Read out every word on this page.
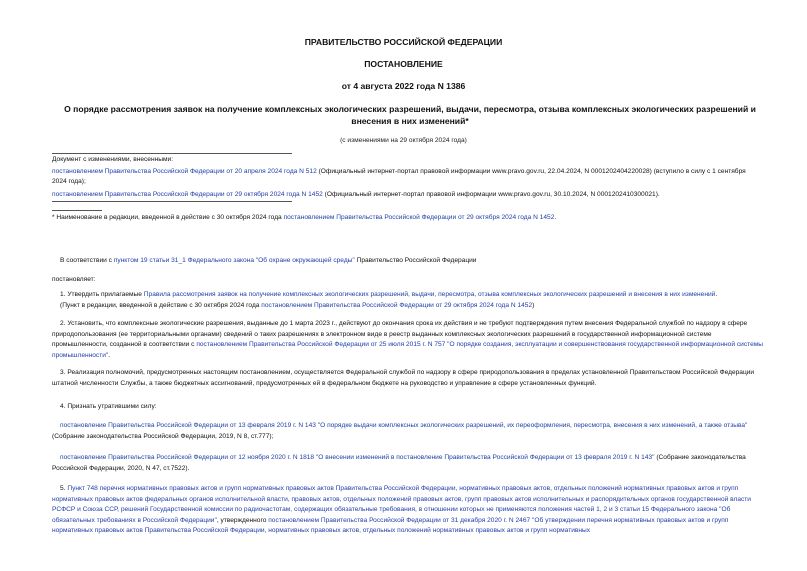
ПРАВИТЕЛЬСТВО РОССИЙСКОЙ ФЕДЕРАЦИИ
ПОСТАНОВЛЕНИЕ
от 4 августа 2022 года N 1386
О порядке рассмотрения заявок на получение комплексных экологических разрешений, выдачи, пересмотра, отзыва комплексных экологических разрешений и внесения в них изменений*
(с изменениями на 29 октября 2024 года)
Документ с изменениями, внесенными:
постановлением Правительства Российской Федерации от 20 апреля 2024 года N 512 (Официальный интернет-портал правовой информации www.pravo.gov.ru, 22.04.2024, N 0001202404220028) (вступило в силу с 1 сентября 2024 года);
постановлением Правительства Российской Федерации от 29 октября 2024 года N 1452 (Официальный интернет-портал правовой информации www.pravo.gov.ru, 30.10.2024, N 0001202410300021).
* Наименование в редакции, введенной в действие с 30 октября 2024 года постановлением Правительства Российской Федерации от 29 октября 2024 года N 1452.
В соответствии с пунктом 19 статьи 31_1 Федерального закона "Об охране окружающей среды" Правительство Российской Федерации
постановляет:
1. Утвердить прилагаемые Правила рассмотрения заявок на получение комплексных экологических разрешений, выдачи, пересмотра, отзыва комплексных экологических разрешений и внесения в них изменений.
(Пункт в редакции, введенной в действие с 30 октября 2024 года постановлением Правительства Российской Федерации от 29 октября 2024 года N 1452)
2. Установить, что комплексные экологические разрешения, выданные до 1 марта 2023 г., действуют до окончания срока их действия и не требуют подтверждения путем внесения Федеральной службой по надзору в сфере природопользования (ее территориальными органами) сведений о таких разрешениях в электронном виде в реестр выданных комплексных экологических разрешений в государственной информационной системе промышленности, созданной в соответствии с постановлением Правительства Российской Федерации от 25 июля 2015 г. N 757 "О порядке создания, эксплуатации и совершенствования государственной информационной системы промышленности".
3. Реализация полномочий, предусмотренных настоящим постановлением, осуществляется Федеральной службой по надзору в сфере природопользования в пределах установленной Правительством Российской Федерации штатной численности Службы, а также бюджетных ассигнований, предусмотренных ей в федеральном бюджете на руководство и управление в сфере установленных функций.
4. Признать утратившими силу:
постановление Правительства Российской Федерации от 13 февраля 2019 г. N 143 "О порядке выдачи комплексных экологических разрешений, их переоформления, пересмотра, внесения в них изменений, а также отзыва" (Собрание законодательства Российской Федерации, 2019, N 8, ст.777);
постановление Правительства Российской Федерации от 12 ноября 2020 г. N 1818 "О внесении изменений в постановление Правительства Российской Федерации от 13 февраля 2019 г. N 143" (Собрание законодательства Российской Федерации, 2020, N 47, ст.7522).
5. Пункт 748 перечня нормативных правовых актов и групп нормативных правовых актов Правительства Российской Федерации, нормативных правовых актов, отдельных положений нормативных правовых актов и групп нормативных правовых актов федеральных органов исполнительной власти, правовых актов, отдельных положений правовых актов, групп правовых актов исполнительных и распорядительных органов государственной власти РСФСР и Союза ССР, решений Государственной комиссии по радиочастотам, содержащих обязательные требования, в отношении которых не применяются положения частей 1, 2 и 3 статьи 15 Федерального закона "Об обязательных требованиях в Российской Федерации", утвержденного постановлением Правительства Российской Федерации от 31 декабря 2020 г. N 2467 "Об утверждении перечня нормативных правовых актов и групп нормативных правовых актов Правительства Российской Федерации, нормативных правовых актов, отдельных положений нормативных правовых актов и групп нормативных
